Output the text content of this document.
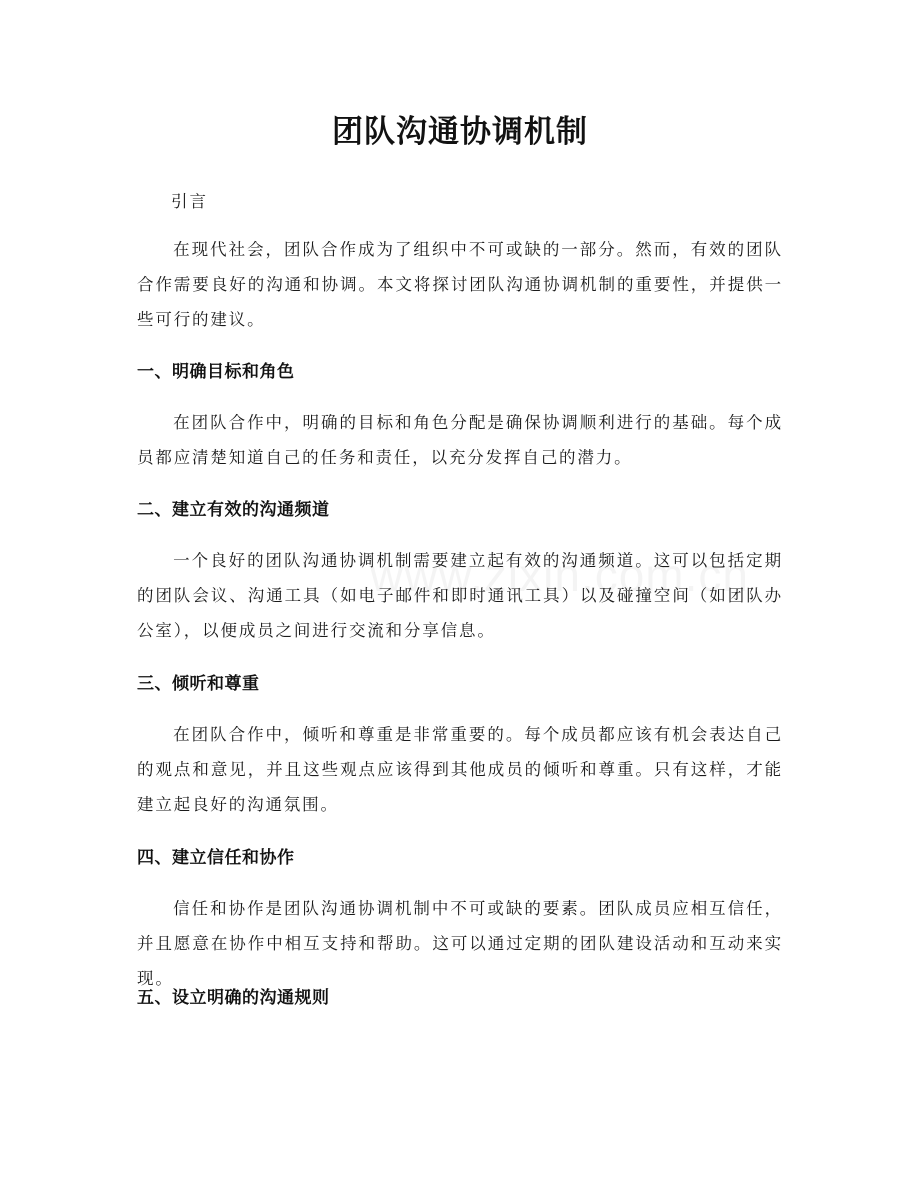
团队沟通协调机制
引言

在现代社会，团队合作成为了组织中不可或缺的一部分。然而，有效的团队合作需要良好的沟通和协调。本文将探讨团队沟通协调机制的重要性，并提供一些可行的建议。

一、明确目标和角色

在团队合作中，明确的目标和角色分配是确保协调顺利进行的基础。每个成员都应清楚知道自己的任务和责任，以充分发挥自己的潜力。

二、建立有效的沟通频道

一个良好的团队沟通协调机制需要建立起有效的沟通频道。这可以包括定期的团队会议、沟通工具（如电子邮件和即时通讯工具）以及碰撞空间（如团队办公室），以便成员之间进行交流和分享信息。

三、倾听和尊重

在团队合作中，倾听和尊重是非常重要的。每个成员都应该有机会表达自己的观点和意见，并且这些观点应该得到其他成员的倾听和尊重。只有这样，才能建立起良好的沟通氛围。

四、建立信任和协作

信任和协作是团队沟通协调机制中不可或缺的要素。团队成员应相互信任，并且愿意在协作中相互支持和帮助。这可以通过定期的团队建设活动和互动来实现。

五、设立明确的沟通规则
